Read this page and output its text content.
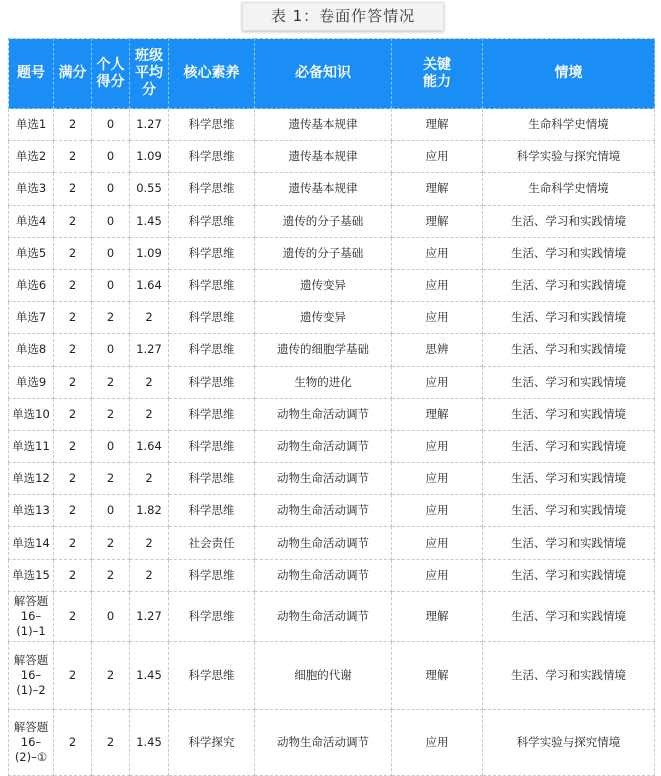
表 1：卷面作答情况
题号	满分	个人得分	班级平均分	核心素养	必备知识	关键能力	情境
单选1	2	0	1.27	科学思维	遗传基本规律	理解	生命科学史情境
单选2	2	0	1.09	科学思维	遗传基本规律	应用	科学实验与探究情境
单选3	2	0	0.55	科学思维	遗传基本规律	理解	生命科学史情境
单选4	2	0	1.45	科学思维	遗传的分子基础	理解	生活、学习和实践情境
单选5	2	0	1.09	科学思维	遗传的分子基础	应用	生活、学习和实践情境
单选6	2	0	1.64	科学思维	遗传变异	应用	生活、学习和实践情境
单选7	2	2	2	科学思维	遗传变异	应用	生活、学习和实践情境
单选8	2	0	1.27	科学思维	遗传的细胞学基础	思辨	生活、学习和实践情境
单选9	2	2	2	科学思维	生物的进化	应用	生活、学习和实践情境
单选10	2	2	2	科学思维	动物生命活动调节	理解	生活、学习和实践情境
单选11	2	0	1.64	科学思维	动物生命活动调节	应用	生活、学习和实践情境
单选12	2	2	2	科学思维	动物生命活动调节	应用	生活、学习和实践情境
单选13	2	0	1.82	科学思维	动物生命活动调节	应用	生活、学习和实践情境
单选14	2	2	2	社会责任	动物生命活动调节	应用	生活、学习和实践情境
单选15	2	2	2	科学思维	动物生命活动调节	应用	生活、学习和实践情境
解答题16–(1)–1	2	0	1.27	科学思维	动物生命活动调节	理解	生活、学习和实践情境
解答题16–(1)–2	2	2	1.45	科学思维	细胞的代谢	理解	生活、学习和实践情境
解答题16–(2)–①	2	2	1.45	科学探究	动物生命活动调节	应用	科学实验与探究情境
